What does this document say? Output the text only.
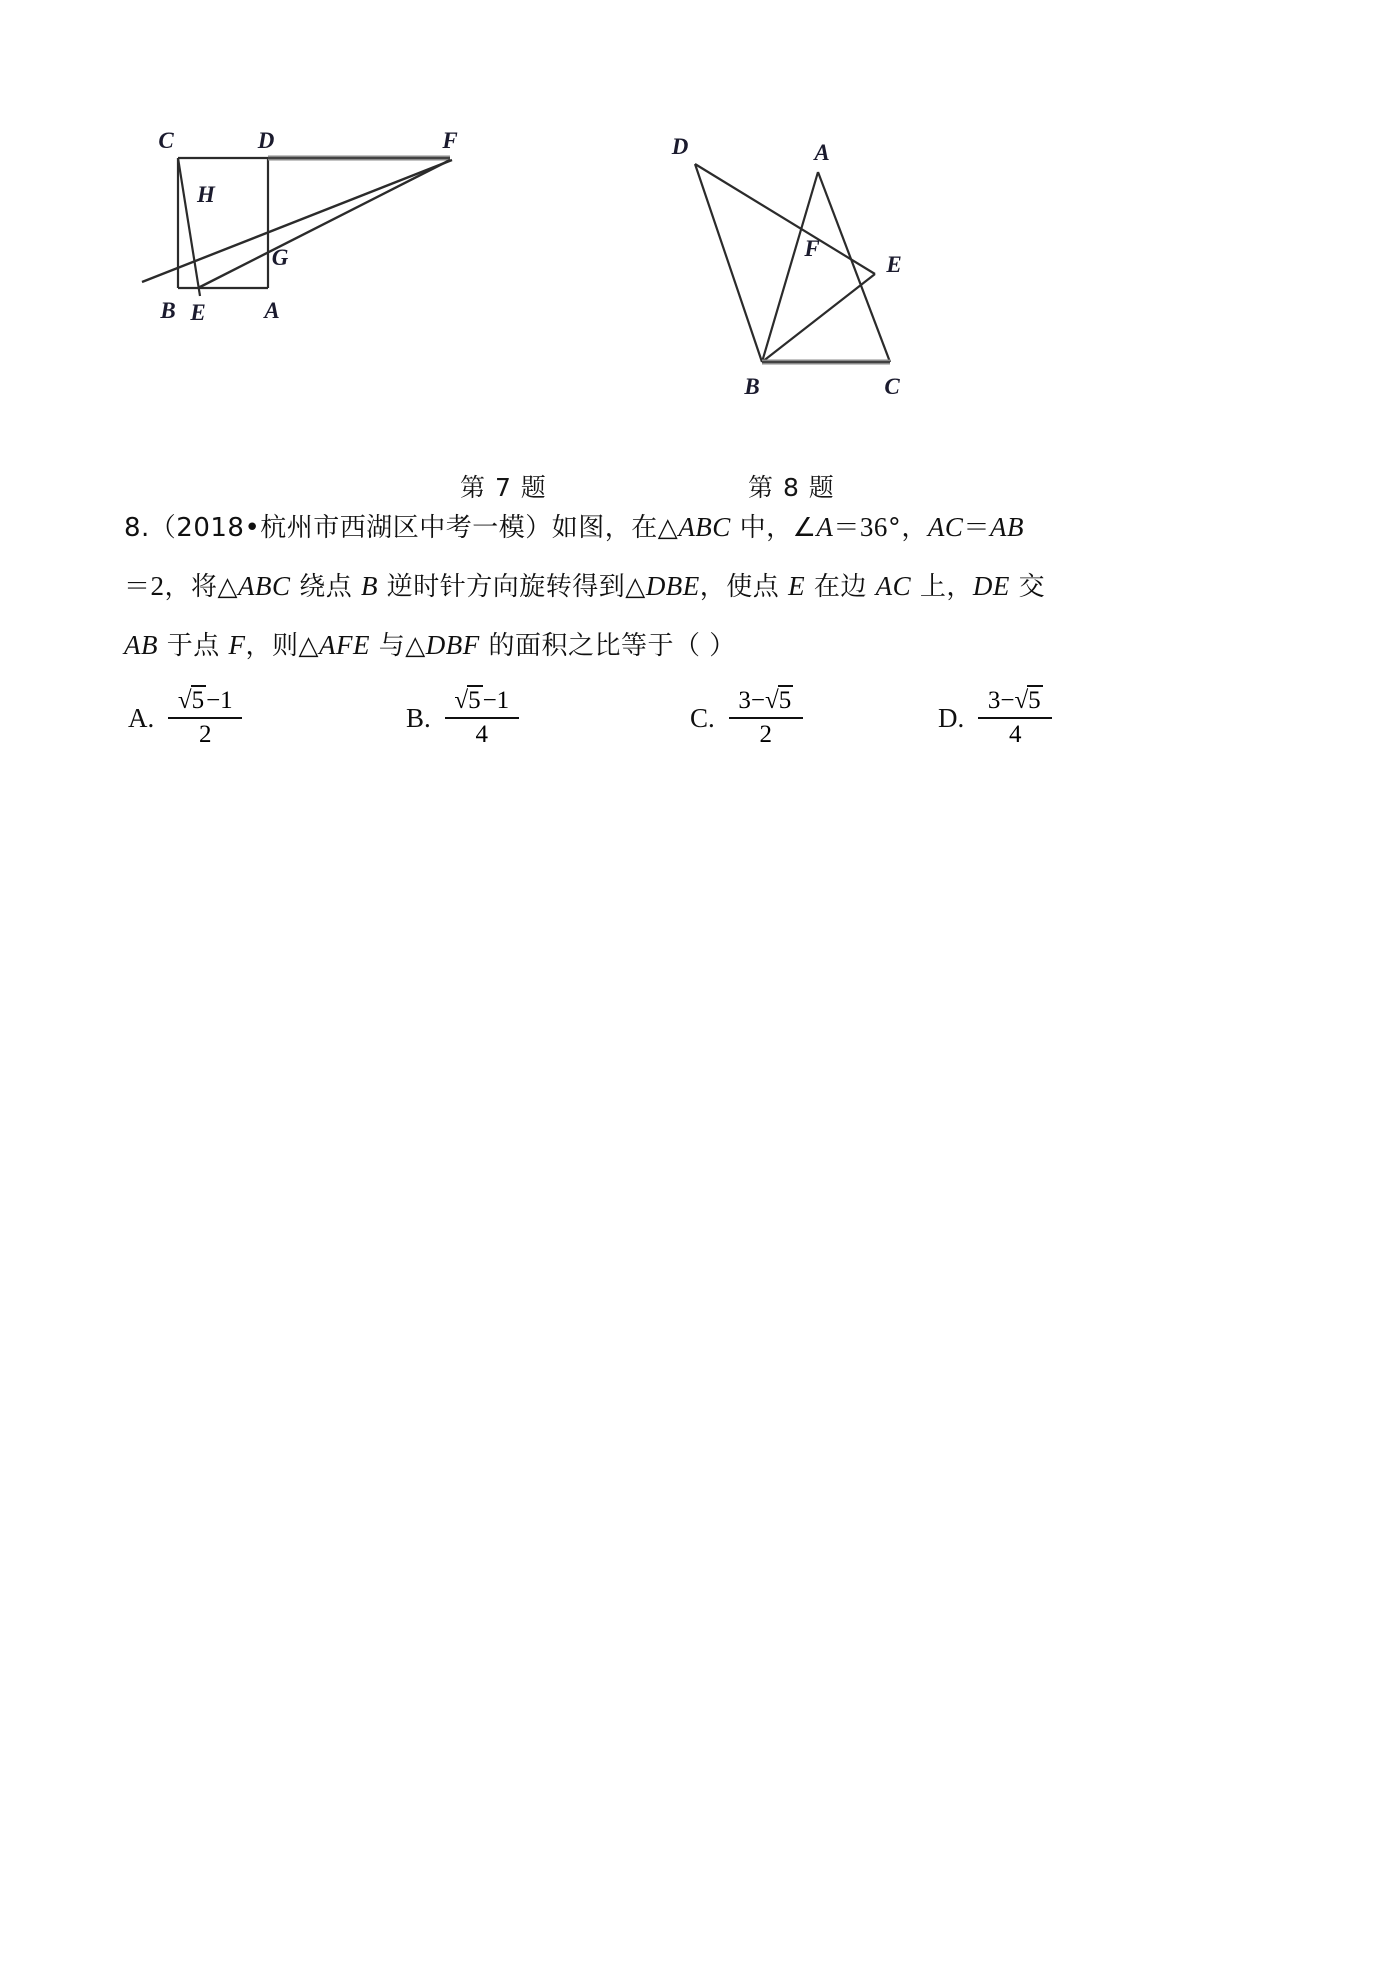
C	D	F
H
G
B E	A
D	A
F
E
B	C
第 7 题	第 8 题
8.（2018•杭州市西湖区中考一模）如图，在△ABC 中，∠A＝36°，AC＝AB
＝2，将△ABC 绕点 B 逆时针方向旋转得到△DBE，使点 E 在边 AC 上，DE 交
AB 于点 F，则△AFE 与△DBF 的面积之比等于（ ）
A. $\frac{√5-1}{2}$	B. $\frac{√5-1}{4}$	C. $\frac{3-√5}{2}$	D. $\frac{3-√5}{4}$
